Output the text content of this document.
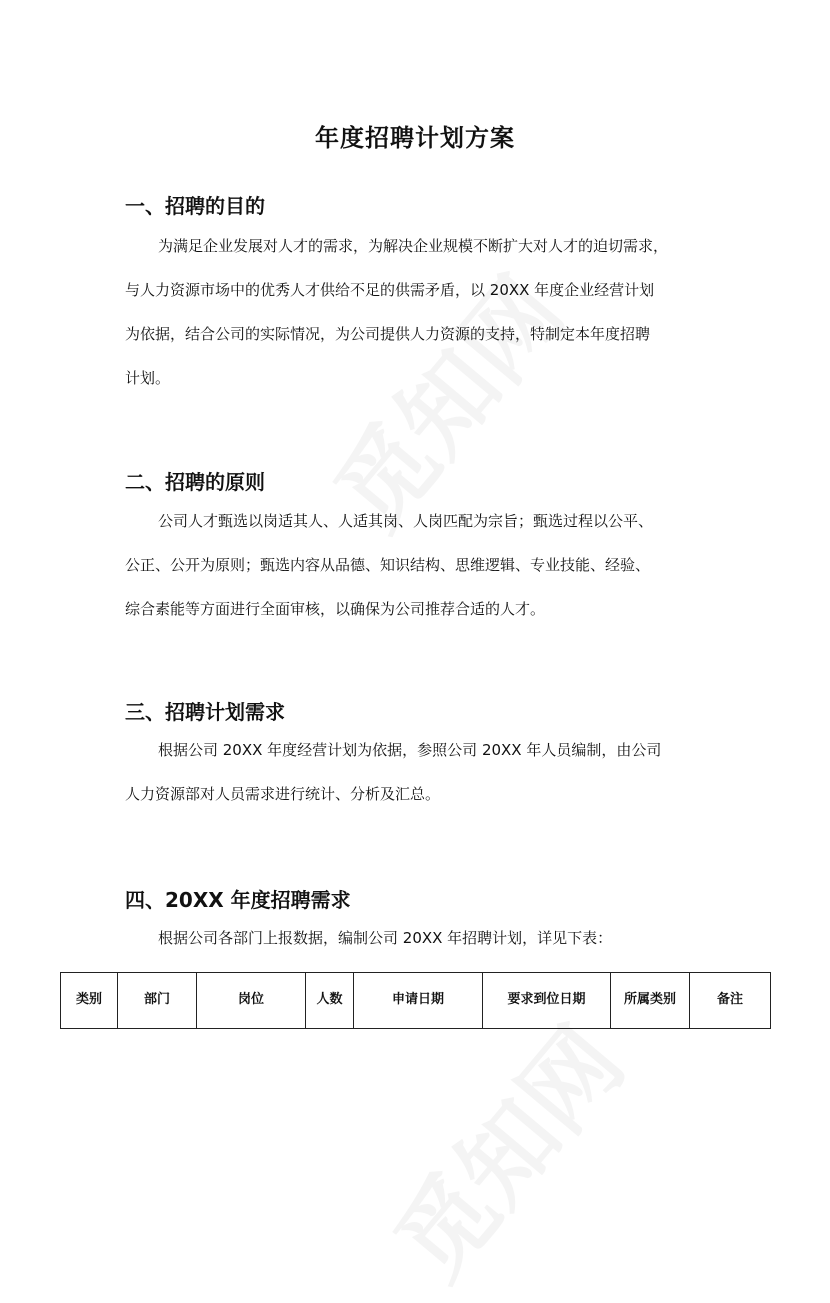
年度招聘计划方案
一、招聘的目的
为满足企业发展对人才的需求，为解决企业规模不断扩大对人才的迫切需求，
与人力资源市场中的优秀人才供给不足的供需矛盾，以 20XX 年度企业经营计划
为依据，结合公司的实际情况，为公司提供人力资源的支持，特制定本年度招聘
计划。
二、招聘的原则
公司人才甄选以岗适其人、人适其岗、人岗匹配为宗旨；甄选过程以公平、
公正、公开为原则；甄选内容从品德、知识结构、思维逻辑、专业技能、经验、
综合素能等方面进行全面审核，以确保为公司推荐合适的人才。
三、招聘计划需求
根据公司 20XX 年度经营计划为依据，参照公司 20XX 年人员编制，由公司
人力资源部对人员需求进行统计、分析及汇总。
四、20XX 年度招聘需求
根据公司各部门上报数据，编制公司 20XX 年招聘计划，详见下表：
类别	部门	岗位	人数	申请日期	要求到位日期	所属类别	备注
